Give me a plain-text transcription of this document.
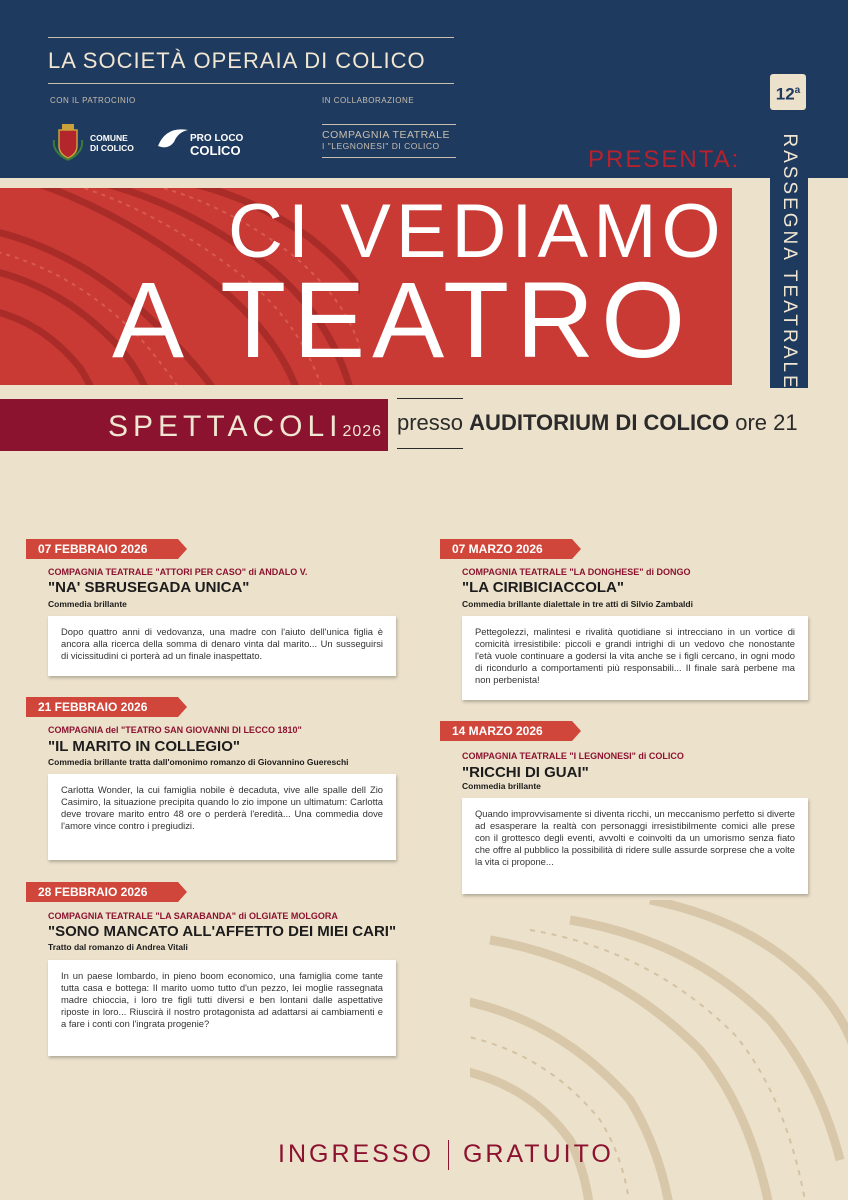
LA SOCIETÀ OPERAIA DI COLICO
CON IL PATROCINIO	IN COLLABORAZIONE
COMUNE
DI COLICO
PRO LOCO
COLICO
COMPAGNIA TEATRALE
I "LEGNONESI" DI COLICO
12$^a$
PRESENTA:
CI VEDIAMO
A TEATRO	RASSEGNA TEATRALE
SPETTACOLI2026 presso AUDITORIUM DI COLICO ore 21
07 FEBBRAIO 2026
COMPAGNIA TEATRALE "ATTORI PER CASO" di ANDALO V.
"NA' SBRUSEGADA UNICA"
Commedia brillante
Dopo quattro anni di vedovanza, una madre con l'aiuto dell'unica figlia è ancora alla ricerca della somma di denaro vinta dal marito... Un susseguirsi di vicissitudini ci porterà ad un finale inaspettato.
21 FEBBRAIO 2026
COMPAGNIA del "TEATRO SAN GIOVANNI DI LECCO 1810"
"IL MARITO IN COLLEGIO"
Commedia brillante tratta dall'omonimo romanzo di Giovannino Guereschi
Carlotta Wonder, la cui famiglia nobile è decaduta, vive alle spalle dell Zio Casimiro, la situazione precipita quando lo zio impone un ultimatum: Carlotta deve trovare marito entro 48 ore o perderà l'eredità... Una commedia dove l'amore vince contro i pregiudizi.
28 FEBBRAIO 2026
COMPAGNIA TEATRALE "LA SARABANDA" di OLGIATE MOLGORA
"SONO MANCATO ALL'AFFETTO DEI MIEI CARI"
Tratto dal romanzo di Andrea Vitali
In un paese lombardo, in pieno boom economico, una famiglia come tante tutta casa e bottega: Il marito uomo tutto d'un pezzo, lei moglie rassegnata madre chioccia, i loro tre figli tutti diversi e ben lontani dalle aspettative riposte in loro... Riuscirà il nostro protagonista ad adattarsi ai cambiamenti e a fare i conti con l'ingrata progenie?
07 MARZO 2026
COMPAGNIA TEATRALE "LA DONGHESE" di DONGO
"LA CIRIBICIACCOLA"
Commedia brillante dialettale in tre atti di Silvio Zambaldi
Pettegolezzi, malintesi e rivalità quotidiane si intrecciano in un vortice di comicità irresistibile: piccoli e grandi intrighi di un vedovo che nonostante l'età vuole continuare a godersi la vita anche se i figli cercano, in ogni modo di ricondurlo a comportamenti più responsabili... Il finale sarà perbene ma non perbenista!
14 MARZO 2026
COMPAGNIA TEATRALE "I LEGNONESI" di COLICO
"RICCHI DI GUAI"
Commedia brillante
Quando improvvisamente si diventa ricchi, un meccanismo perfetto si diverte ad esasperare la realtà con personaggi irresistibilmente comici alle prese con il grottesco degli eventi, avvolti e coinvolti da un umorismo senza fiato che offre al pubblico la possibilità di ridere sulle assurde sorprese che a volte la vita ci propone...
INGRESSO GRATUITO
